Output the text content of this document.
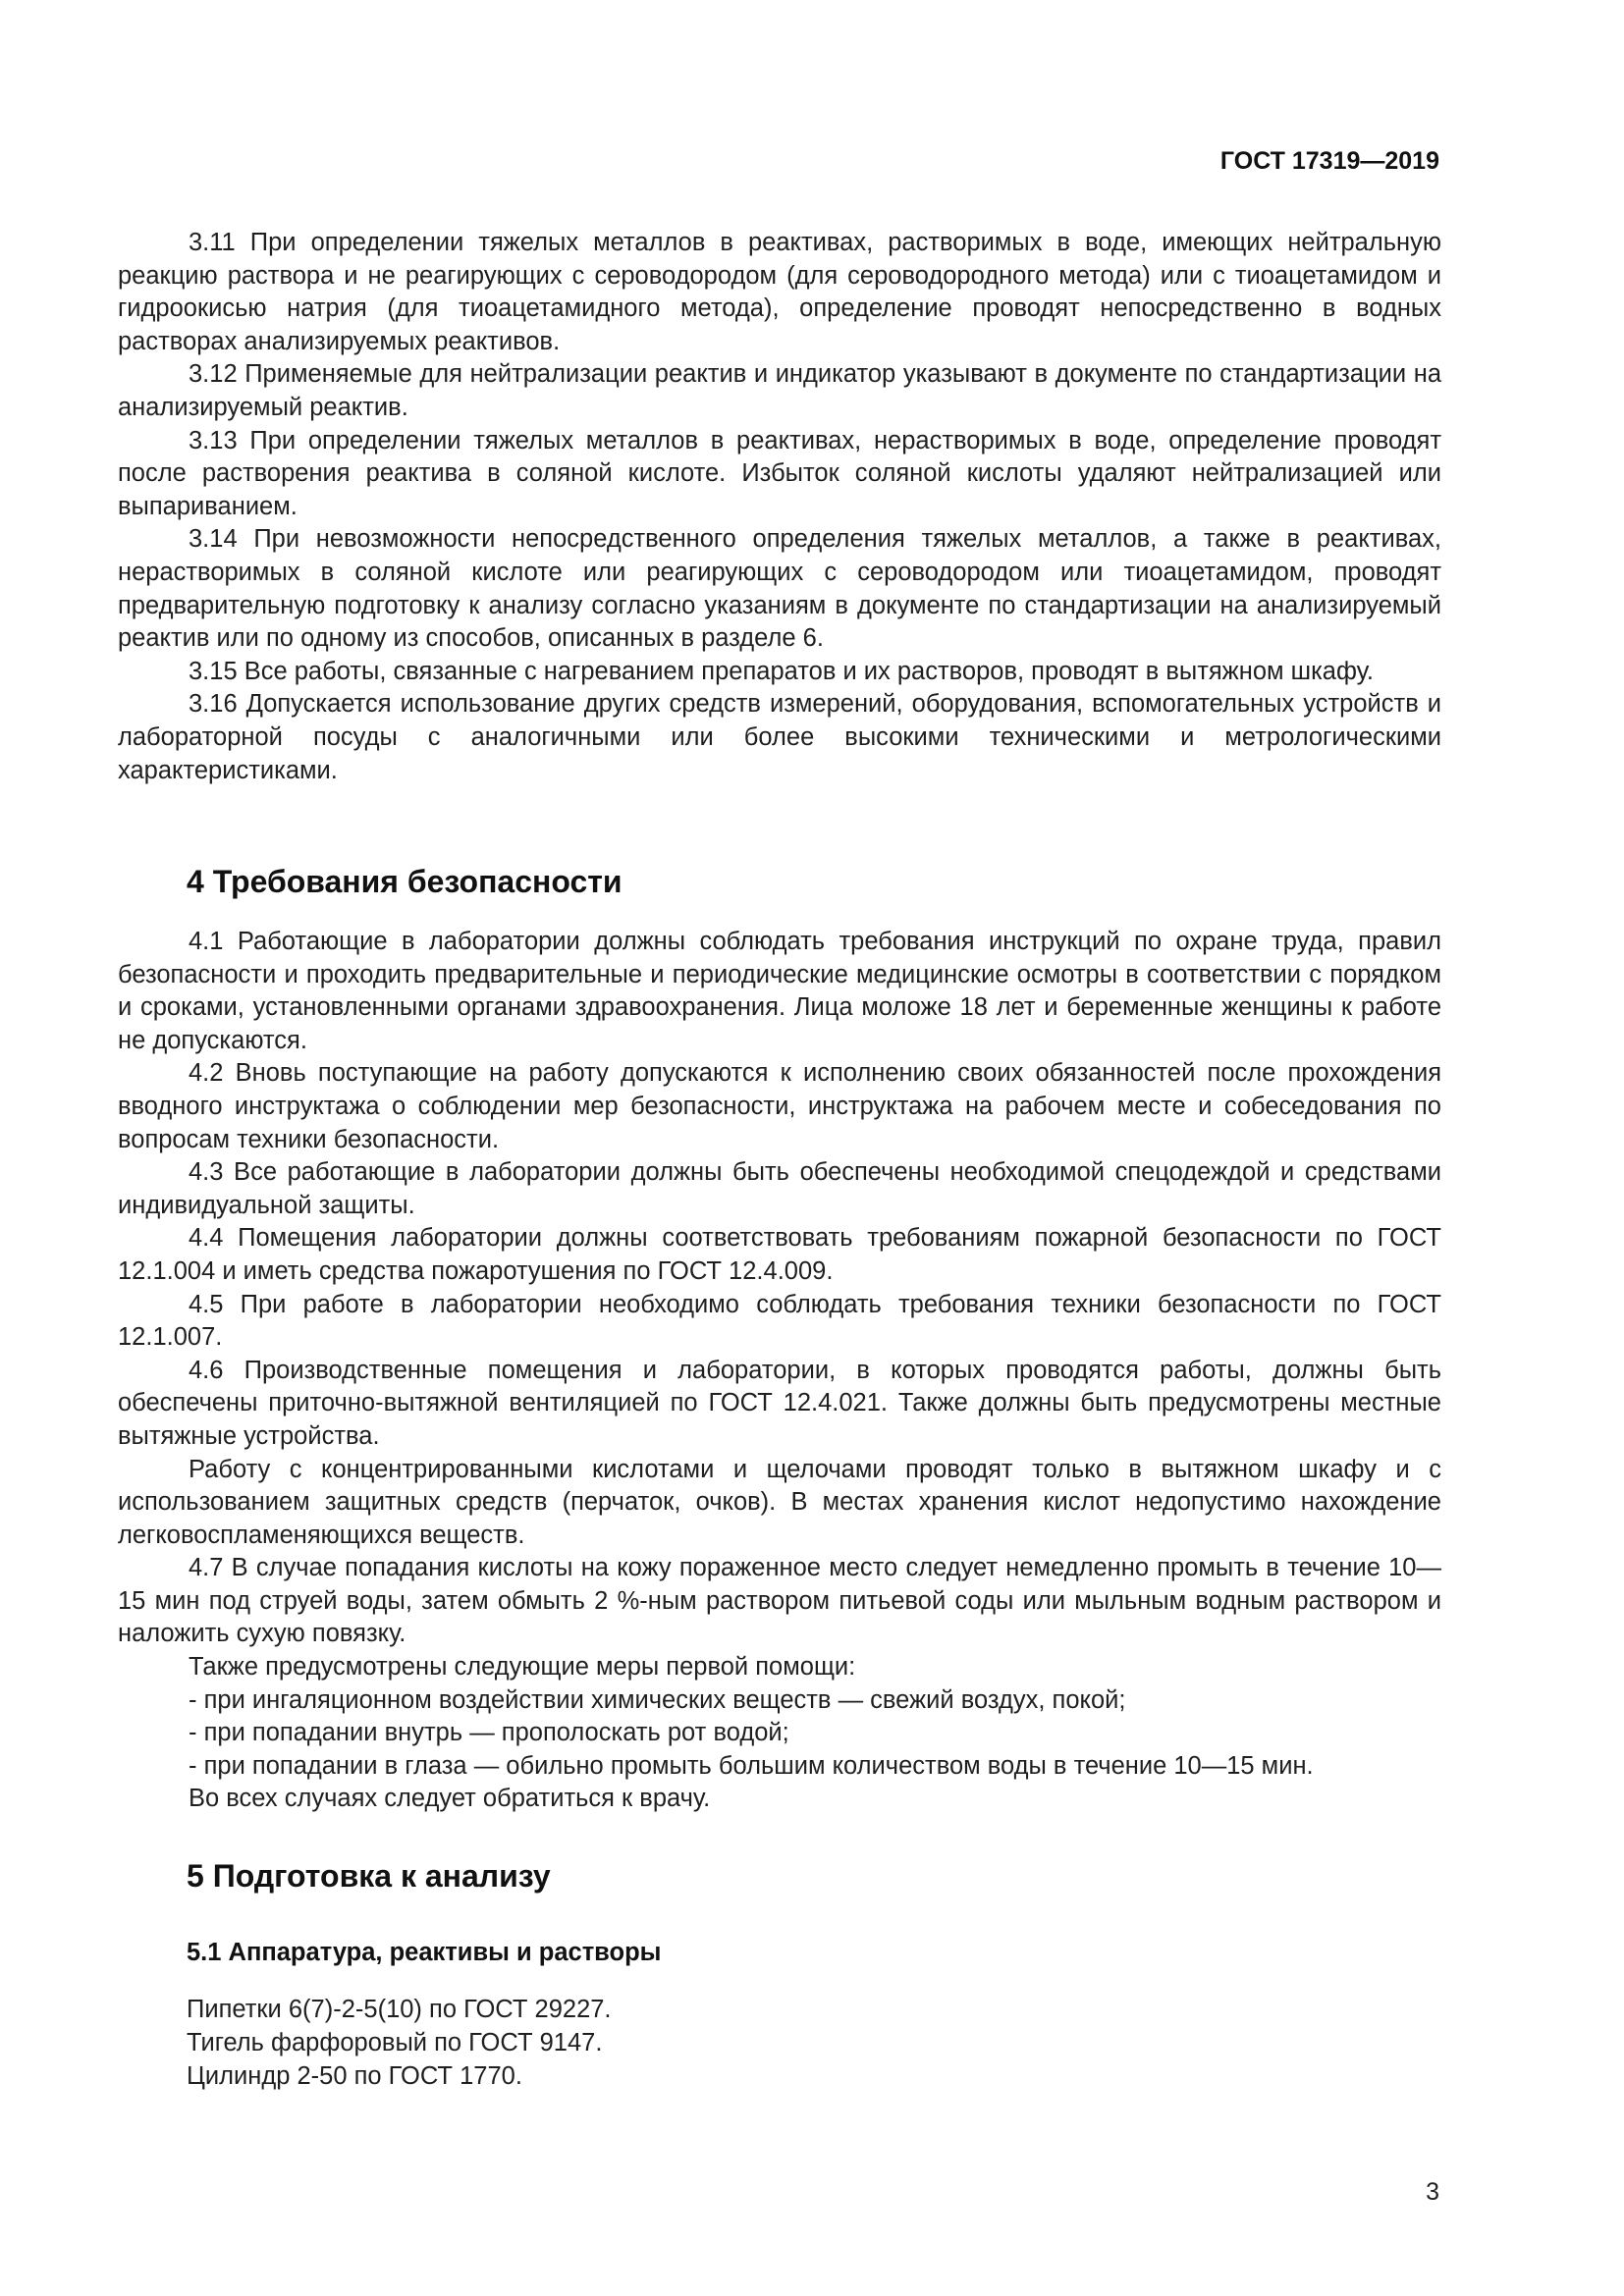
ГОСТ 17319—2019

3.11 При определении тяжелых металлов в реактивах, растворимых в воде, имеющих нейтральную реакцию раствора и не реагирующих с сероводородом (для сероводородного метода) или с тиоацетамидом и гидроокисью натрия (для тиоацетамидного метода), определение проводят непосредственно в водных растворах анализируемых реактивов.

3.12 Применяемые для нейтрализации реактив и индикатор указывают в документе по стандартизации на анализируемый реактив.

3.13 При определении тяжелых металлов в реактивах, нерастворимых в воде, определение проводят после растворения реактива в соляной кислоте. Избыток соляной кислоты удаляют нейтрализацией или выпариванием.

3.14 При невозможности непосредственного определения тяжелых металлов, а также в реактивах, нерастворимых в соляной кислоте или реагирующих с сероводородом или тиоацетамидом, проводят предварительную подготовку к анализу согласно указаниям в документе по стандартизации на анализируемый реактив или по одному из способов, описанных в разделе 6.

3.15 Все работы, связанные с нагреванием препаратов и их растворов, проводят в вытяжном шкафу.

3.16 Допускается использование других средств измерений, оборудования, вспомогательных устройств и лабораторной посуды с аналогичными или более высокими техническими и метрологическими характеристиками.

4 Требования безопасности

4.1 Работающие в лаборатории должны соблюдать требования инструкций по охране труда, правил безопасности и проходить предварительные и периодические медицинские осмотры в соответствии с порядком и сроками, установленными органами здравоохранения. Лица моложе 18 лет и беременные женщины к работе не допускаются.

4.2 Вновь поступающие на работу допускаются к исполнению своих обязанностей после прохождения вводного инструктажа о соблюдении мер безопасности, инструктажа на рабочем месте и собеседования по вопросам техники безопасности.

4.3 Все работающие в лаборатории должны быть обеспечены необходимой спецодеждой и средствами индивидуальной защиты.

4.4 Помещения лаборатории должны соответствовать требованиям пожарной безопасности по ГОСТ 12.1.004 и иметь средства пожаротушения по ГОСТ 12.4.009.

4.5 При работе в лаборатории необходимо соблюдать требования техники безопасности по ГОСТ 12.1.007.

4.6 Производственные помещения и лаборатории, в которых проводятся работы, должны быть обеспечены приточно-вытяжной вентиляцией по ГОСТ 12.4.021. Также должны быть предусмотрены местные вытяжные устройства.

Работу с концентрированными кислотами и щелочами проводят только в вытяжном шкафу и с использованием защитных средств (перчаток, очков). В местах хранения кислот недопустимо нахождение легковоспламеняющихся веществ.

4.7 В случае попадания кислоты на кожу пораженное место следует немедленно промыть в течение 10—15 мин под струей воды, затем обмыть 2 %-ным раствором питьевой соды или мыльным водным раствором и наложить сухую повязку.

Также предусмотрены следующие меры первой помощи:

- при ингаляционном воздействии химических веществ — свежий воздух, покой;

- при попадании внутрь — прополоскать рот водой;

- при попадании в глаза — обильно промыть большим количеством воды в течение 10—15 мин.

Во всех случаях следует обратиться к врачу.

5 Подготовка к анализу
5.1 Аппаратура, реактивы и растворы
Пипетки 6(7)-2-5(10) по ГОСТ 29227.
Тигель фарфоровый по ГОСТ 9147.
Цилиндр 2-50 по ГОСТ 1770.
3
